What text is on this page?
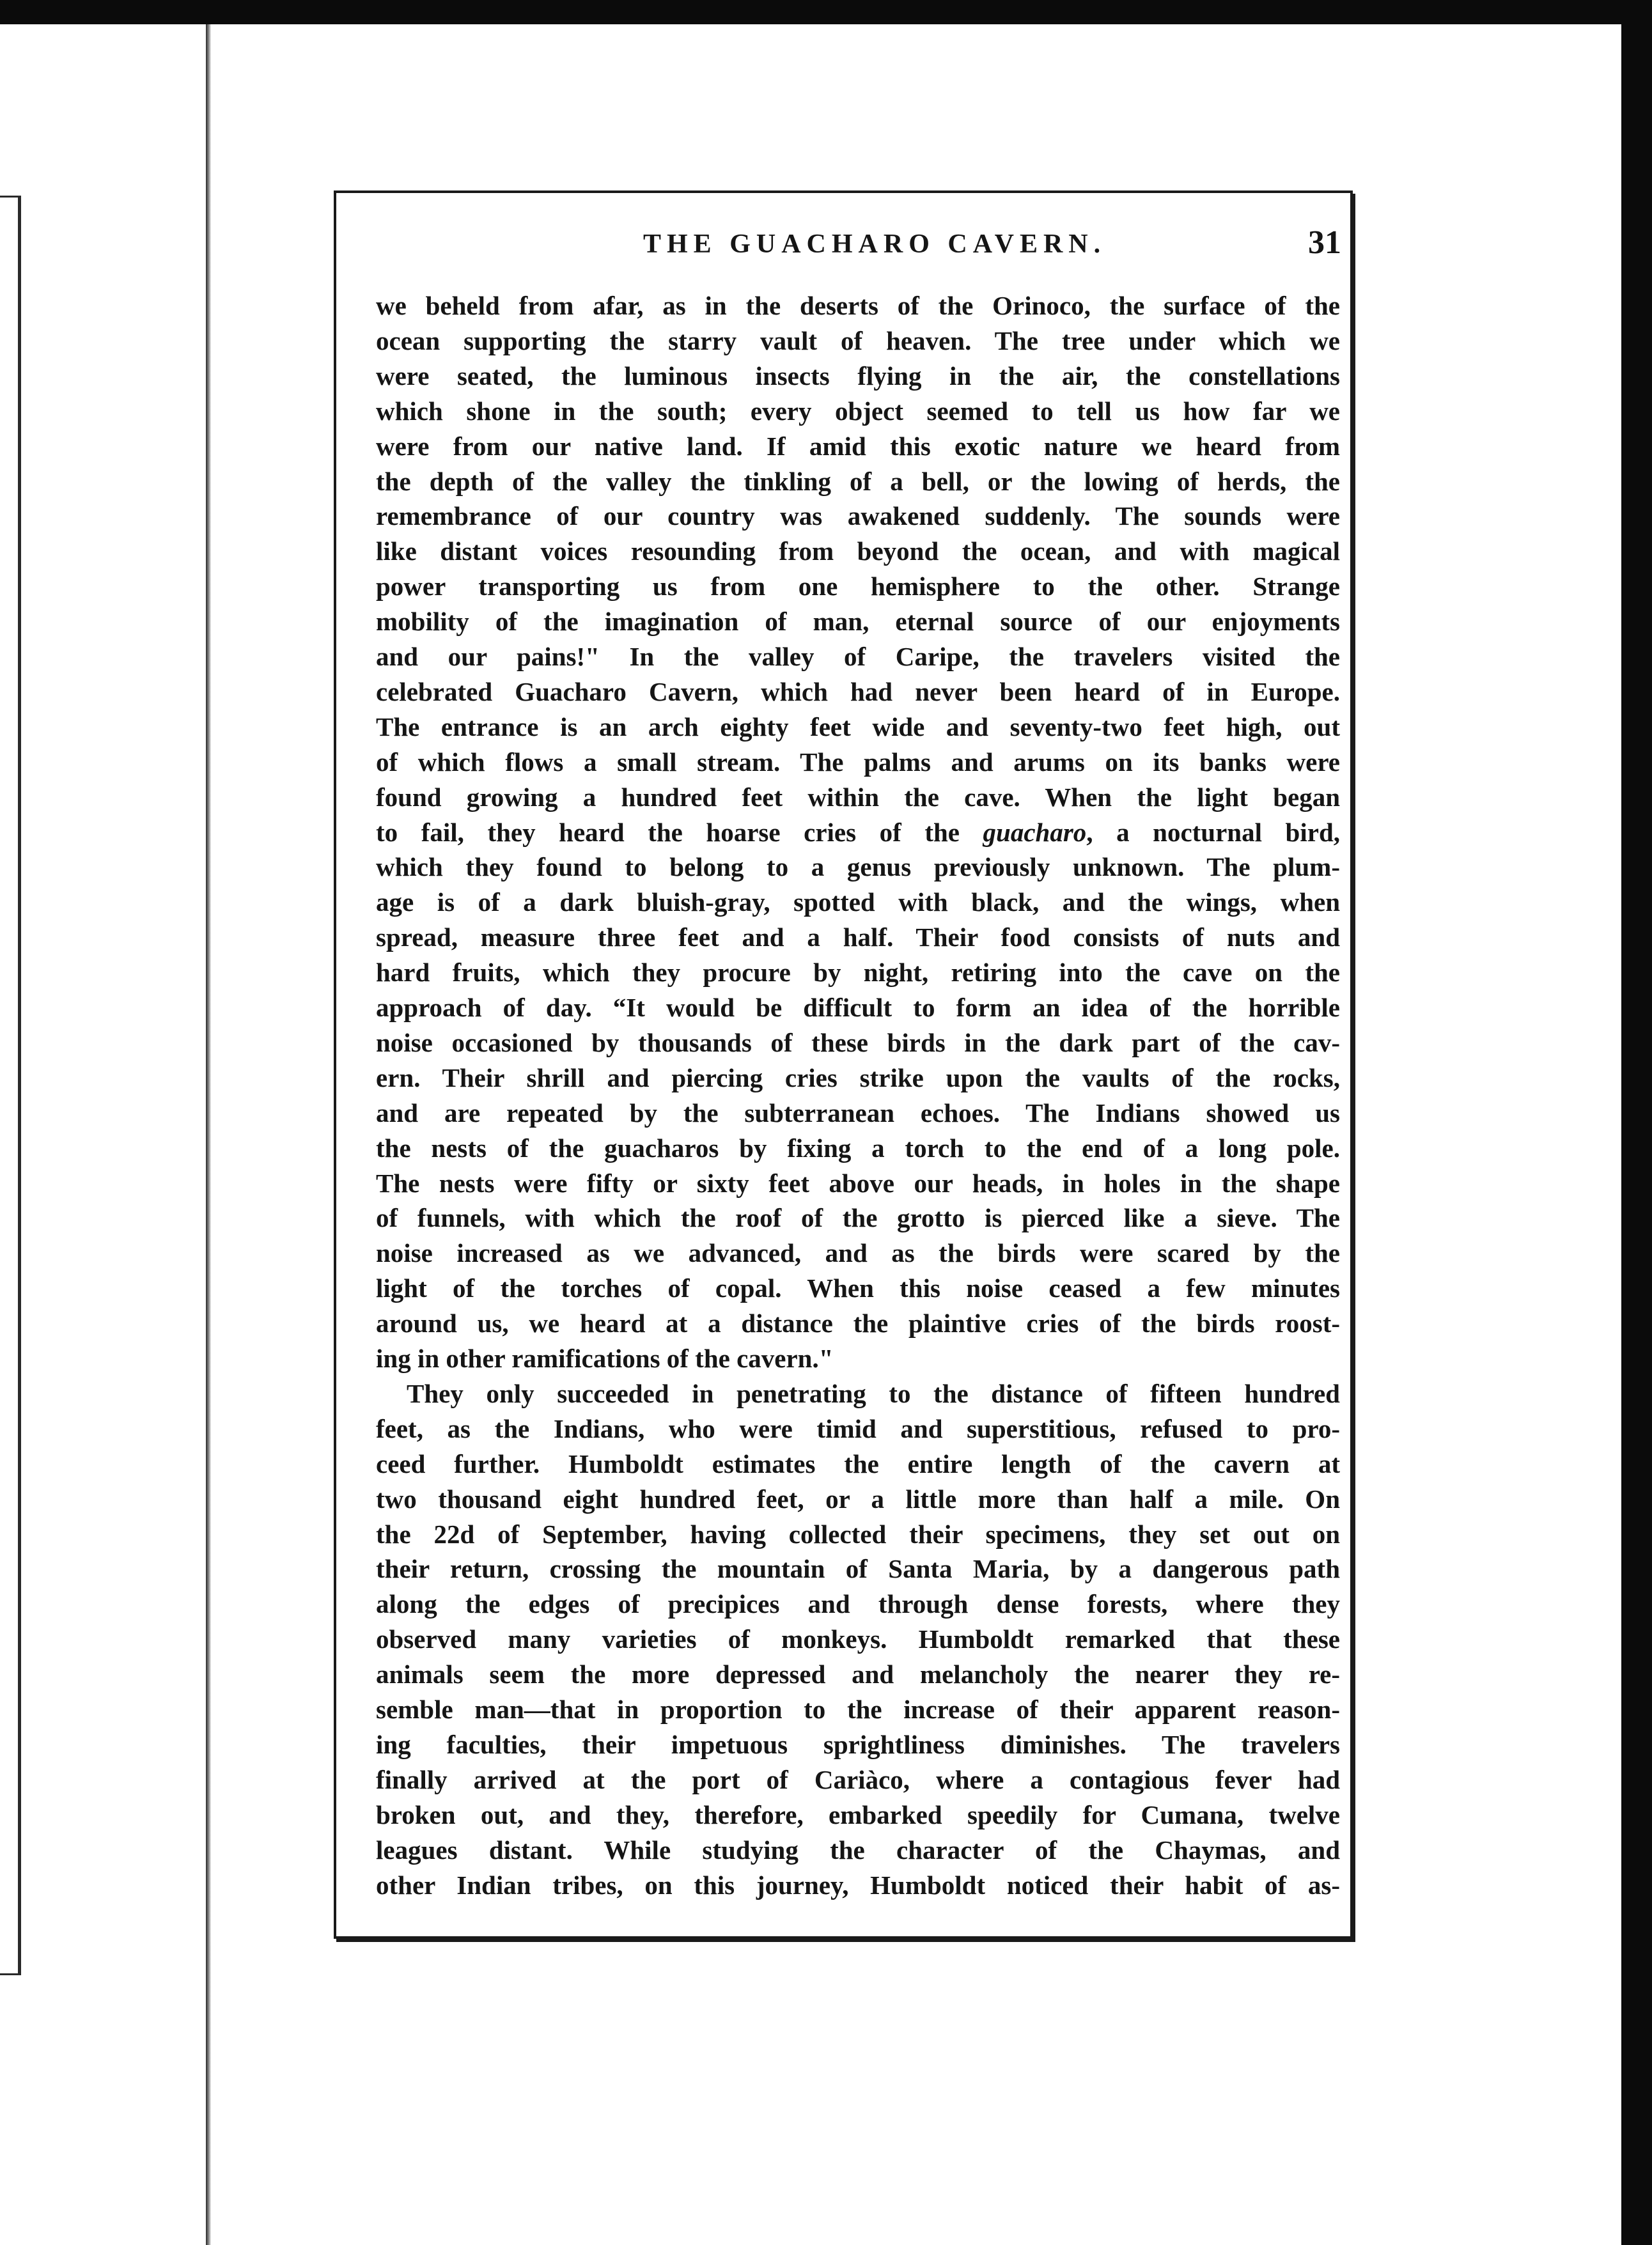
THE GUACHARO CAVERN.	31
we beheld from afar, as in the deserts of the Orinoco, the surface of the
ocean supporting the starry vault of heaven. The tree under which we
were seated, the luminous insects flying in the air, the constellations
which shone in the south; every object seemed to tell us how far we
were from our native land. If amid this exotic nature we heard from
the depth of the valley the tinkling of a bell, or the lowing of herds, the
remembrance of our country was awakened suddenly. The sounds were
like distant voices resounding from beyond the ocean, and with magical
power transporting us from one hemisphere to the other. Strange
mobility of the imagination of man, eternal source of our enjoyments
and our pains!" In the valley of Caripe, the travelers visited the
celebrated Guacharo Cavern, which had never been heard of in Europe.
The entrance is an arch eighty feet wide and seventy-two feet high, out
of which flows a small stream. The palms and arums on its banks were
found growing a hundred feet within the cave. When the light began
to fail, they heard the hoarse cries of the guacharo, a nocturnal bird,
which they found to belong to a genus previously unknown. The plum-
age is of a dark bluish-gray, spotted with black, and the wings, when
spread, measure three feet and a half. Their food consists of nuts and
hard fruits, which they procure by night, retiring into the cave on the
approach of day. “It would be difficult to form an idea of the horrible
noise occasioned by thousands of these birds in the dark part of the cav-
ern. Their shrill and piercing cries strike upon the vaults of the rocks,
and are repeated by the subterranean echoes. The Indians showed us
the nests of the guacharos by fixing a torch to the end of a long pole.
The nests were fifty or sixty feet above our heads, in holes in the shape
of funnels, with which the roof of the grotto is pierced like a sieve. The
noise increased as we advanced, and as the birds were scared by the
light of the torches of copal. When this noise ceased a few minutes
around us, we heard at a distance the plaintive cries of the birds roost-
ing in other ramifications of the cavern."
They only succeeded in penetrating to the distance of fifteen hundred
feet, as the Indians, who were timid and superstitious, refused to pro-
ceed further. Humboldt estimates the entire length of the cavern at
two thousand eight hundred feet, or a little more than half a mile. On
the 22d of September, having collected their specimens, they set out on
their return, crossing the mountain of Santa Maria, by a dangerous path
along the edges of precipices and through dense forests, where they
observed many varieties of monkeys. Humboldt remarked that these
animals seem the more depressed and melancholy the nearer they re-
semble man—that in proportion to the increase of their apparent reason-
ing faculties, their impetuous sprightliness diminishes. The travelers
finally arrived at the port of Cariàco, where a contagious fever had
broken out, and they, therefore, embarked speedily for Cumana, twelve
leagues distant. While studying the character of the Chaymas, and
other Indian tribes, on this journey, Humboldt noticed their habit of as-
